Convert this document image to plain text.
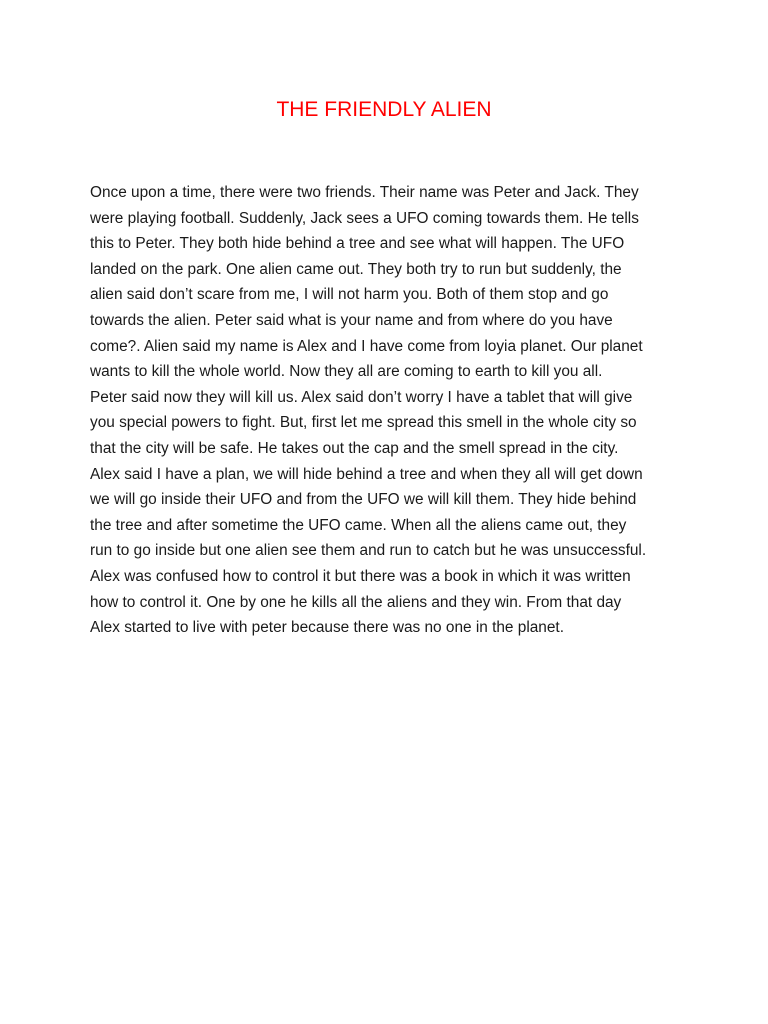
THE FRIENDLY ALIEN

Once upon a time, there were two friends. Their name was Peter and Jack. They
were playing football. Suddenly, Jack sees a UFO coming towards them. He tells
this to Peter. They both hide behind a tree and see what will happen. The UFO
landed on the park. One alien came out. They both try to run but suddenly, the
alien said don’t scare from me, I will not harm you. Both of them stop and go
towards the alien. Peter said what is your name and from where do you have
come?. Alien said my name is Alex and I have come from loyia planet. Our planet
wants to kill the whole world. Now they all are coming to earth to kill you all.
Peter said now they will kill us. Alex said don’t worry I have a tablet that will give
you special powers to fight. But, first let me spread this smell in the whole city so
that the city will be safe. He takes out the cap and the smell spread in the city.
Alex said I have a plan, we will hide behind a tree and when they all will get down
we will go inside their UFO and from the UFO we will kill them. They hide behind
the tree and after sometime the UFO came. When all the aliens came out, they
run to go inside but one alien see them and run to catch but he was unsuccessful.
Alex was confused how to control it but there was a book in which it was written
how to control it. One by one he kills all the aliens and they win. From that day
Alex started to live with peter because there was no one in the planet.
